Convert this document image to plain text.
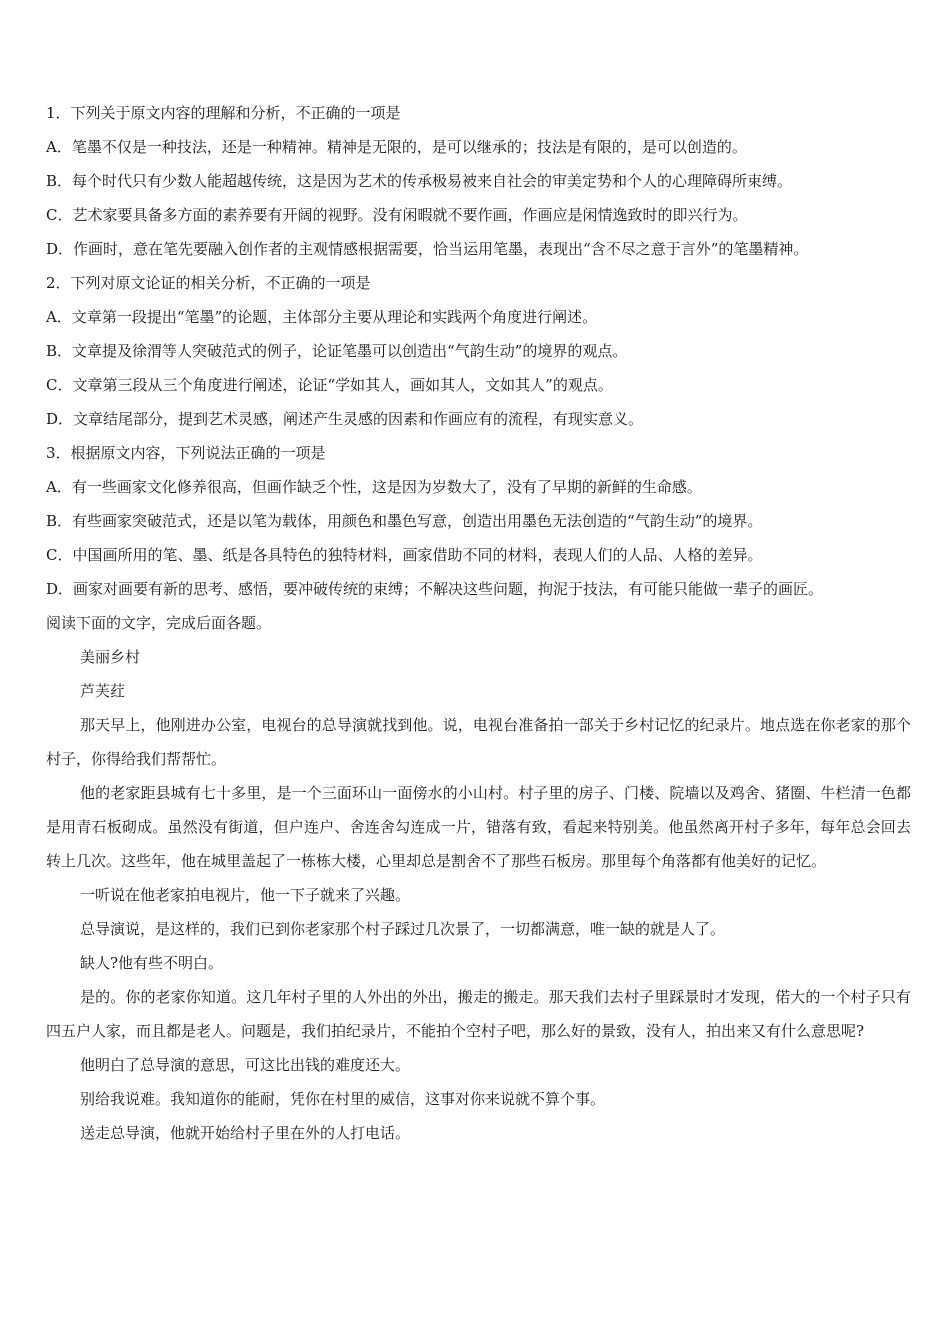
1．下列关于原文内容的理解和分析，不正确的一项是
A．笔墨不仅是一种技法，还是一种精神。精神是无限的，是可以继承的；技法是有限的，是可以创造的。
B．每个时代只有少数人能超越传统，这是因为艺术的传承极易被来自社会的审美定势和个人的心理障碍所束缚。
C．艺术家要具备多方面的素养要有开阔的视野。没有闲暇就不要作画，作画应是闲情逸致时的即兴行为。
D．作画时，意在笔先要融入创作者的主观情感根据需要，恰当运用笔墨，表现出“含不尽之意于言外”的笔墨精神。
2．下列对原文论证的相关分析，不正确的一项是
A．文章第一段提出“笔墨”的论题，主体部分主要从理论和实践两个角度进行阐述。
B．文章提及徐渭等人突破范式的例子，论证笔墨可以创造出“气韵生动”的境界的观点。
C．文章第三段从三个角度进行阐述，论证“学如其人，画如其人，文如其人”的观点。
D．文章结尾部分，提到艺术灵感，阐述产生灵感的因素和作画应有的流程，有现实意义。
3．根据原文内容，下列说法正确的一项是
A．有一些画家文化修养很高，但画作缺乏个性，这是因为岁数大了，没有了早期的新鲜的生命感。
B．有些画家突破范式，还是以笔为载体，用颜色和墨色写意，创造出用墨色无法创造的“气韵生动”的境界。
C．中国画所用的笔、墨、纸是各具特色的独特材料，画家借助不同的材料，表现人们的人品、人格的差异。
D．画家对画要有新的思考、感悟，要冲破传统的束缚；不解决这些问题，拘泥于技法，有可能只能做一辈子的画匠。
阅读下面的文字，完成后面各题。

美丽乡村

芦芙荭

那天早上，他刚进办公室，电视台的总导演就找到他。说，电视台准备拍一部关于乡村记忆的纪录片。地点选在你老家的那个村子，你得给我们帮帮忙。

他的老家距县城有七十多里，是一个三面环山一面傍水的小山村。村子里的房子、门楼、院墙以及鸡舍、猪圈、牛栏清一色都是用青石板砌成。虽然没有街道，但户连户、舍连舍勾连成一片，错落有致，看起来特别美。他虽然离开村子多年，每年总会回去转上几次。这些年，他在城里盖起了一栋栋大楼，心里却总是割舍不了那些石板房。那里每个角落都有他美好的记忆。

一听说在他老家拍电视片，他一下子就来了兴趣。

总导演说，是这样的，我们已到你老家那个村子踩过几次景了，一切都满意，唯一缺的就是人了。

缺人?他有些不明白。

是的。你的老家你知道。这几年村子里的人外出的外出，搬走的搬走。那天我们去村子里踩景时才发现，偌大的一个村子只有四五户人家，而且都是老人。问题是，我们拍纪录片，不能拍个空村子吧，那么好的景致，没有人，拍出来又有什么意思呢?

他明白了总导演的意思，可这比出钱的难度还大。

别给我说难。我知道你的能耐，凭你在村里的威信，这事对你来说就不算个事。

送走总导演，他就开始给村子里在外的人打电话。
